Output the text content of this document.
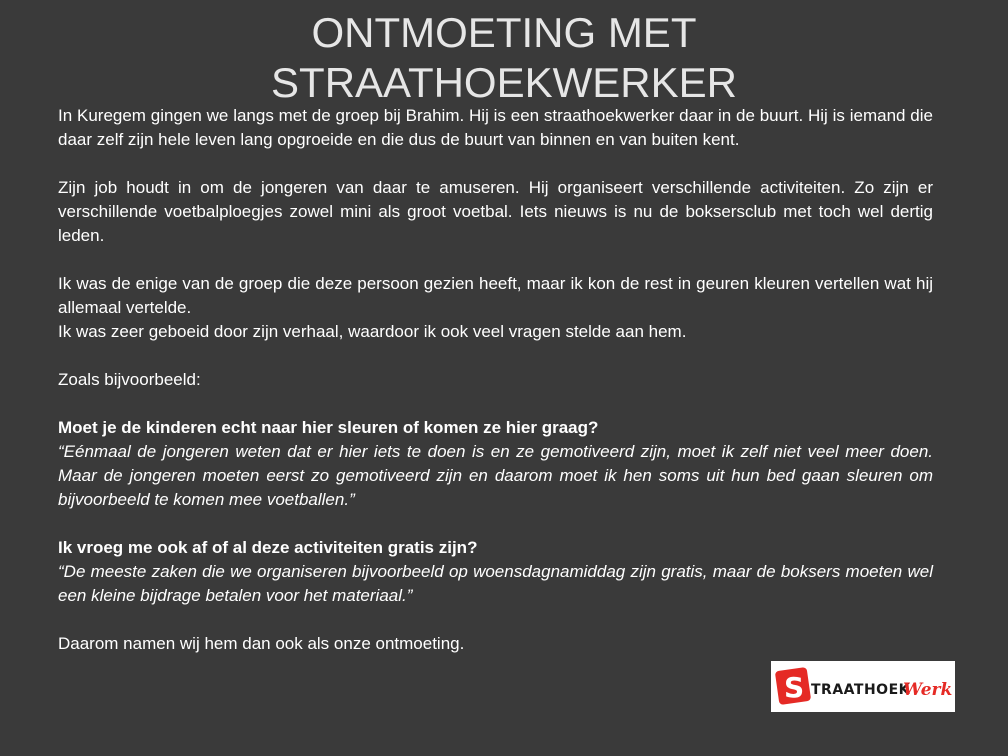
ONTMOETING MET
STRAATHOEKWERKER

In Kuregem gingen we langs met de groep bij Brahim. Hij is een straathoekwerker daar in de buurt. Hij is iemand die daar zelf zijn hele leven lang opgroeide en die dus de buurt van binnen en van buiten kent.

Zijn job houdt in om de jongeren van daar te amuseren. Hij organiseert verschillende activiteiten. Zo zijn er verschillende voetbalploegjes zowel mini als groot voetbal. Iets nieuws is nu de boksersclub met toch wel dertig leden.

Ik was de enige van de groep die deze persoon gezien heeft, maar ik kon de rest in geuren kleuren vertellen wat hij allemaal vertelde.

Ik was zeer geboeid door zijn verhaal, waardoor ik ook veel vragen stelde aan hem.

Zoals bijvoorbeeld:

Moet je de kinderen echt naar hier sleuren of komen ze hier graag?

“Eénmaal de jongeren weten dat er hier iets te doen is en ze gemotiveerd zijn, moet ik zelf niet veel meer doen. Maar de jongeren moeten eerst zo gemotiveerd zijn en daarom moet ik hen soms uit hun bed gaan sleuren om bijvoorbeeld te komen mee voetballen.”

Ik vroeg me ook af of al deze activiteiten gratis zijn?

“De meeste zaken die we organiseren bijvoorbeeld op woensdagnamiddag zijn gratis, maar de boksers moeten wel een kleine bijdrage betalen voor het materiaal.”

Daarom namen wij hem dan ook als onze ontmoeting.

S TRAATHOEK
Werk
